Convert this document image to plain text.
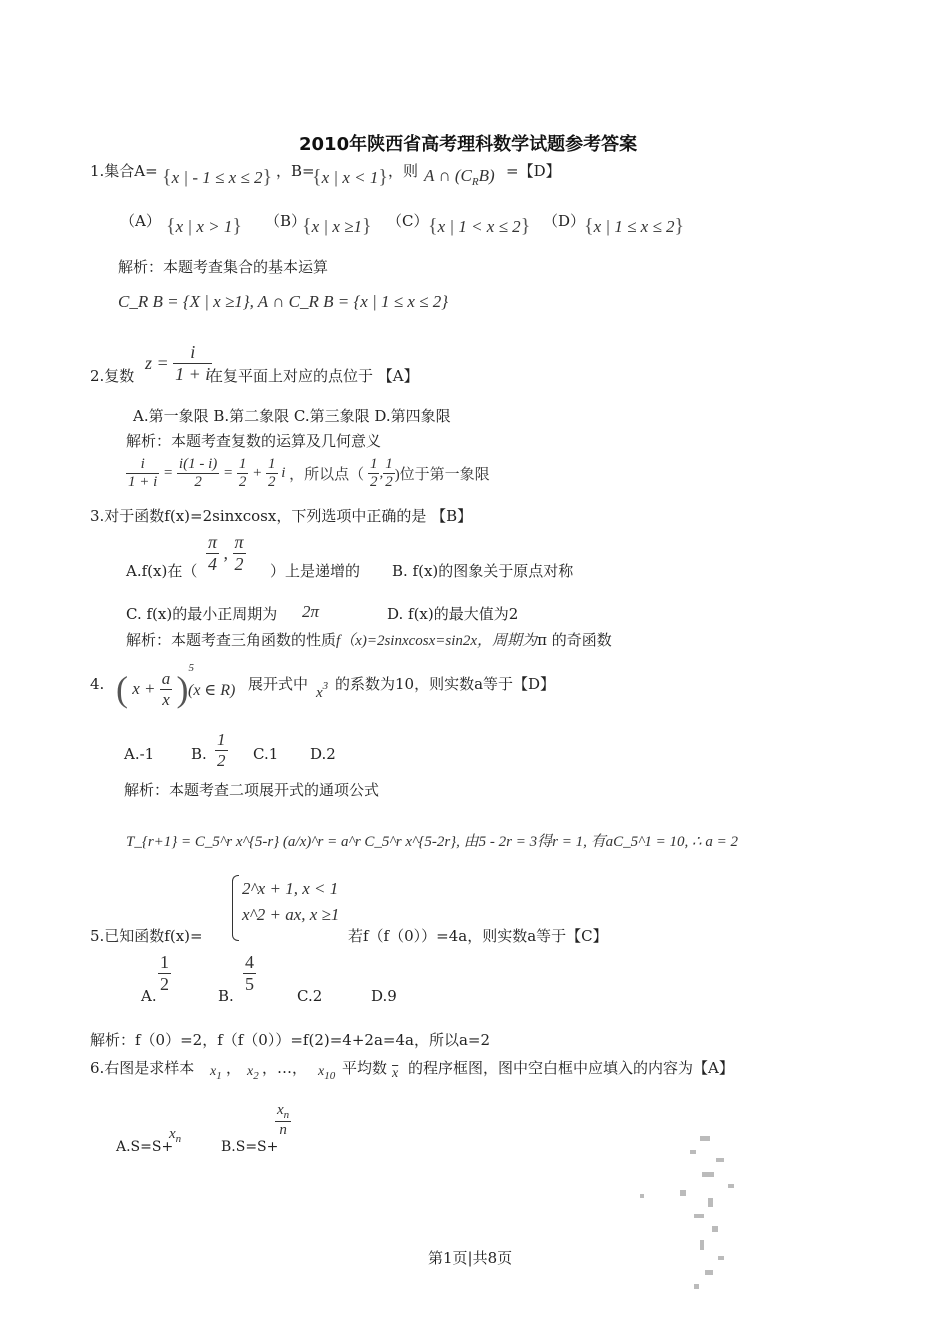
2010年陕西省高考理科数学试题参考答案
1.集合A= {x | - 1 ≤ x ≤ 2} ，B=
{x | x < 1} ，则 A ∩ $(C_RB)$ =【D】
（A） {x | x > 1} （B）
{x | x ≥1} （C） {x | 1 < x ≤ 2} （D）
{x | 1 ≤ x ≤ 2}
解析：本题考查集合的基本运算
C_R B = {X | x ≥1}, A ∩ C_R B = {x | 1 ≤ x ≤ 2}
2.复数
$z = \frac{i}{1 + i}$
在复平面上对应的点位于 【A】
A.第一象限 B.第二象限 C.第三象限 D.第四象限
解析：本题考查复数的运算及几何意义
$\frac{i}{1 + i} = \frac{i(1 - i)}{2} = \frac{1}{2} + \frac{1}{2}$ i ，所以点（ $\frac{1}{2}$ , $\frac{1}{2}$ )位于第一象限
3.对于函数f(x)=2sinxcosx，下列选项中正确的是 【B】
A.f(x)在（ $\frac{\pi}{4}$ , $\frac{\pi}{2}$ ）上是递增的 B. f(x)的图象关于原点对称
C. f(x)的最小正周期为 2π	D. f(x)的最大值为2
解析：本题考查三角函数的性质f（x)=2sinxcosx=sin2x，周期为π 的奇函数
4. ( $x + \frac{a}{x} )^5$
(x ∈ R) 展开式中 $x^3$ 的系数为10，则实数a等于【D】
A.-1 B. $\frac{1}{2} C.1$ D.2
解析：本题考查二项展开式的通项公式
T_{r+1} = C_5^r x^{5-r} (a/x)^r = a^r C_5^r x^{5-2r}, 由5 - 2r = 3得r = 1, 有aC_5^1 = 10, ∴ a = 2
2^x + 1, x < 1
x^2 + ax, x ≥1
5.已知函数f(x)=	若f（f（0））=4a，则实数a等于【C】
A.
$\frac{1}{2}$
B.
$\frac{4}{5}$
C.2	D.9
解析：f（0）=2，f（f（0））=f(2)=4+2a=4a，所以a=2
6.右图是求样本 $x_1$ ， $x_2$ ，…， $x_{10}$ 平均数 $\overline{x}$ 的程序框图，图中空白框中应填入的内容为【A】
A.S=S+
$x_n$	B.S=S+
$\frac{x_n}{n}$
第1页|共8页
